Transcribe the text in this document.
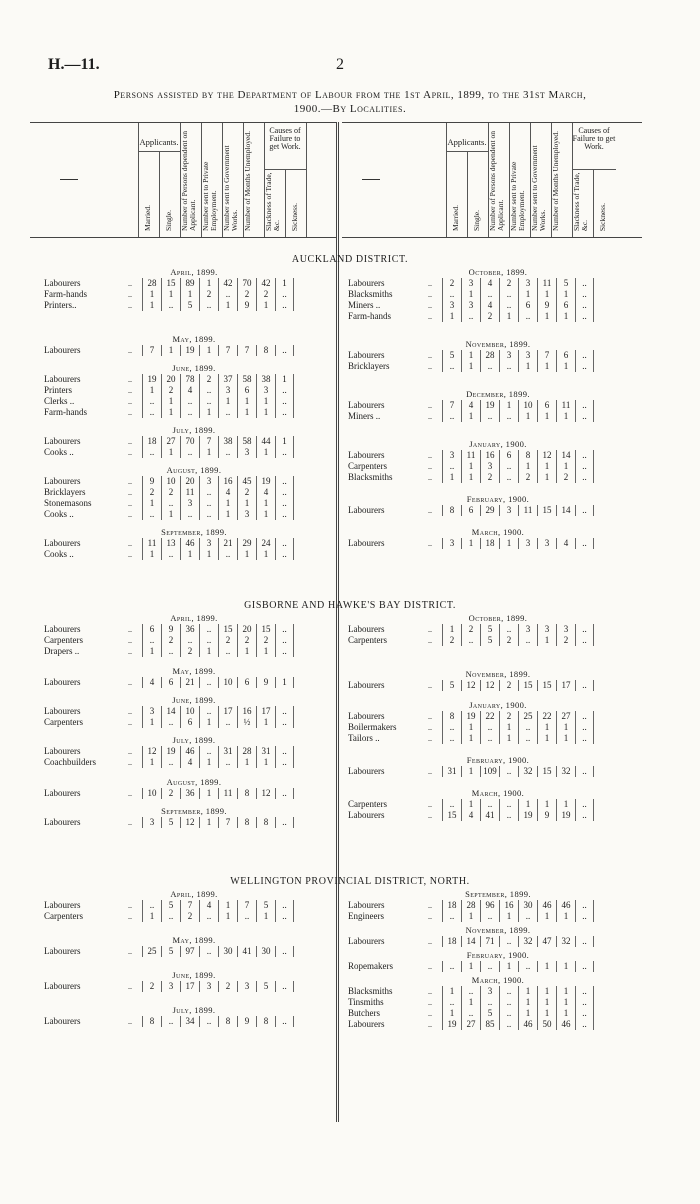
H.—11.	2
Persons assisted by the Department of Labour from the 1st April, 1899, to the 31st March,
1900.—By Localities.
Applicants.
Married. Single. Number of Persons dependent on Applicant. Number sent to Private Employment. Number sent to Government Works. Number of Months Unemployed.
Causes of Failure to get Work.
Slackness of Trade, &c. Sickness.
Applicants.
Married. Single. Number of Persons dependent on Applicant. Number sent to Private Employment. Number sent to Government Works. Number of Months Unemployed.
Causes of Failure to get Work.
Slackness of Trade, &c. Sickness.
AUCKLAND DISTRICT.
GISBORNE AND HAWKE'S BAY DISTRICT.
WELLINGTON PROVINCIAL DISTRICT, NORTH.
April, 1899.
Labourers	..	28	15	89	1	42	70	42	1
Farm-hands	..	1	1	1	2	..	2	2	..
Printers..	..	1	..	5	..	1	9	1	..
May, 1899.
Labourers	..	7	1	19	1	7	7	8	..
June, 1899.
Labourers	..	19	20	78	2	37	58	38	1
Printers	..	1	2	4	..	3	6	3	..
Clerks ..	..	..	1	..	..	1	1	1	..
Farm-hands	..	..	1	..	1	..	1	1	..
July, 1899.
Labourers	..	18	27	70	7	38	58	44	1
Cooks ..	..	..	1	..	1	..	3	1	..
August, 1899.
Labourers	..	9	10	20	3	16	45	19	..
Bricklayers	..	2	2	11	..	4	2	4	..
Stonemasons	..	1	..	3	..	1	1	1	..
Cooks ..	..	..	1	..	..	1	3	1	..
September, 1899.
Labourers	..	11	13	46	3	21	29	24	..
Cooks ..	..	1	..	1	1	..	1	1	..
October, 1899.
Labourers	..	2	3	4	2	3	11	5	..
Blacksmiths	..	..	1	..	..	1	1	1	..
Miners ..	..	3	3	4	..	6	9	6	..
Farm-hands	..	1	..	2	1	..	1	1	..
November, 1899.
Labourers	..	5	1	28	3	3	7	6	..
Bricklayers	..	..	1	..	..	1	1	1	..
December, 1899.
Labourers	..	7	4	19	1	10	6	11	..
Miners ..	..	..	1	..	..	1	1	1	..
January, 1900.
Labourers	..	3	11	16	6	8	12	14	..
Carpenters	..	..	1	3	..	1	1	1	..
Blacksmiths	..	1	1	2	..	2	1	2	..
February, 1900.
Labourers	..	8	6	29	3	11	15	14	..
March, 1900.
Labourers	..	3	1	18	1	3	3	4	..
April, 1899.
Labourers	..	6	9	36	..	15	20	15	..
Carpenters	..	..	2	..	..	2	2	2	..
Drapers ..	..	1	..	2	1	..	1	1	..
May, 1899.
Labourers	..	4	6	21	..	10	6	9	1
June, 1899.
Labourers	..	3	14	10	..	17	16	17	..
Carpenters	..	1	..	6	1	..	½	1	..
July, 1899.
Labourers	..	12	19	46	..	31	28	31	..
Coachbuilders	..	1	..	4	1	..	1	1	..
August, 1899.
Labourers	..	10	2	36	1	11	8	12	..
September, 1899.
Labourers	..	3	5	12	1	7	8	8	..
October, 1899.
Labourers	..	1	2	5	..	3	3	3	..
Carpenters	..	2	..	5	2	..	1	2	..
November, 1899.
Labourers	..	5	12	12	2	15	15	17	..
January, 1900.
Labourers	..	8	19	22	2	25	22	27	..
Boilermakers	..	..	1	..	1	..	1	1	..
Tailors ..	..	..	1	..	1	..	1	1	..
February, 1900.
Labourers	..	31	1	109	..	32	15	32	..
March, 1900.
Carpenters	..	..	1	..	..	1	1	1	..
Labourers	..	15	4	41	..	19	9	19	..
April, 1899.
Labourers	..	..	5	7	4	1	7	5	..
Carpenters	..	1	..	2	..	1	..	1	..
May, 1899.
Labourers	..	25	5	97	..	30	41	30	..
June, 1899.
Labourers	..	2	3	17	3	2	3	5	..
July, 1899.
Labourers	..	8	..	34	..	8	9	8	..
September, 1899.
Labourers	..	18	28	96	16	30	46	46	..
Engineers	..	..	1	..	1	..	1	1	..
November, 1899.
Labourers	..	18	14	71	..	32	47	32	..
February, 1900.
Ropemakers	..	..	1	..	1	..	1	1	..
March, 1900.
Blacksmiths	..	1	..	3	..	1	1	1	..
Tinsmiths	..	..	1	..	..	1	1	1	..
Butchers	..	1	..	5	..	1	1	1	..
Labourers	..	19	27	85	..	46	50	46	..
